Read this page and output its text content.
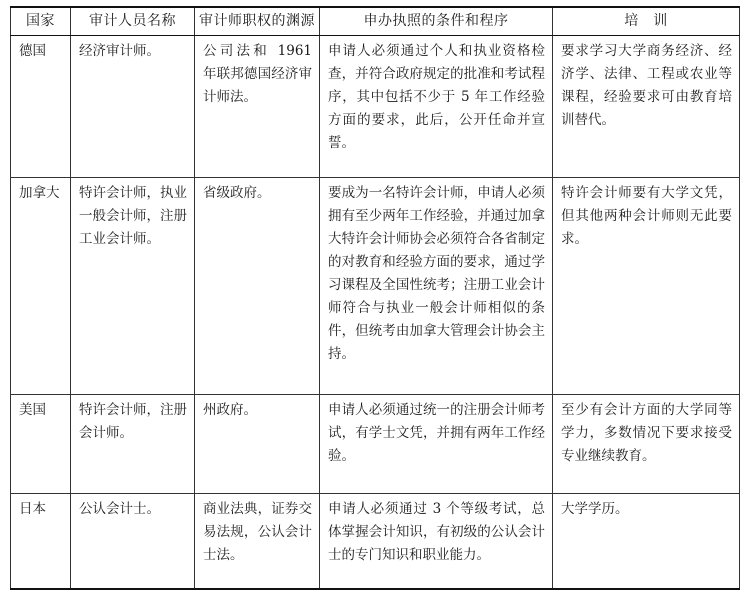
国家	审计人员名称	审计师职权的渊源	申办执照的条件和程序	培　训
德国	经济审计师。	公司法和 1961 年联邦德国经济审计师法。	申请人必须通过个人和执业资格检查，并符合政府规定的批准和考试程序，其中包括不少于 5 年工作经验方面的要求，此后，公开任命并宣誓。	要求学习大学商务经济、经济学、法律、工程或农业等课程，经验要求可由教育培训替代。
加拿大	特许会计师，执业一般会计师，注册工业会计师。	省级政府。	要成为一名特许会计师，申请人必须拥有至少两年工作经验，并通过加拿大特许会计师协会必须符合各省制定的对教育和经验方面的要求，通过学习课程及全国性统考；注册工业会计师符合与执业一般会计师相似的条件，但统考由加拿大管理会计协会主持。	特许会计师要有大学文凭，但其他两种会计师则无此要求。
美国	特许会计师，注册会计师。	州政府。	申请人必须通过统一的注册会计师考试，有学士文凭，并拥有两年工作经验。	至少有会计方面的大学同等学力，多数情况下要求接受专业继续教育。
日本	公认会计士。	商业法典，证券交易法规，公认会计士法。	申请人必须通过 3 个等级考试，总体掌握会计知识，有初级的公认会计士的专门知识和职业能力。	大学学历。
